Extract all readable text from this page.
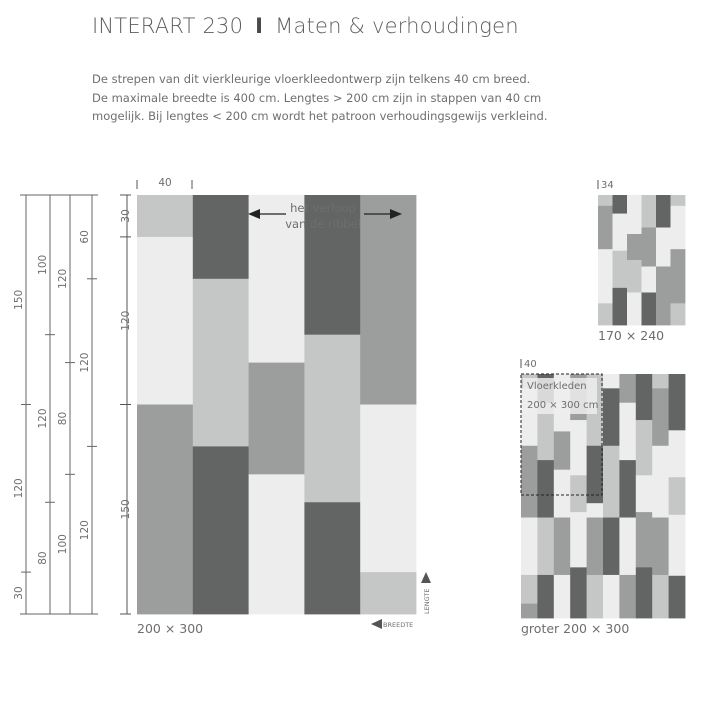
INTERART 230 I Maten & verhoudingen
De strepen van dit vierkleurige vloerkleedontwerp zijn telkens 40 cm breed.
De maximale breedte is 400 cm. Lengtes > 200 cm zijn in stappen van 40 cm
mogelijk. Bij lengtes < 200 cm wordt het patroon verhoudingsgewijs verkleind.
150
120
30
100
120
80
120
80
100
60
120
120
het verloop
van de ribbel
40
30
120
150
200 × 300	BREEDTE
LENGTE
34
170 × 240
40
Vloerkleden
200 × 300 cm
groter 200 × 300
